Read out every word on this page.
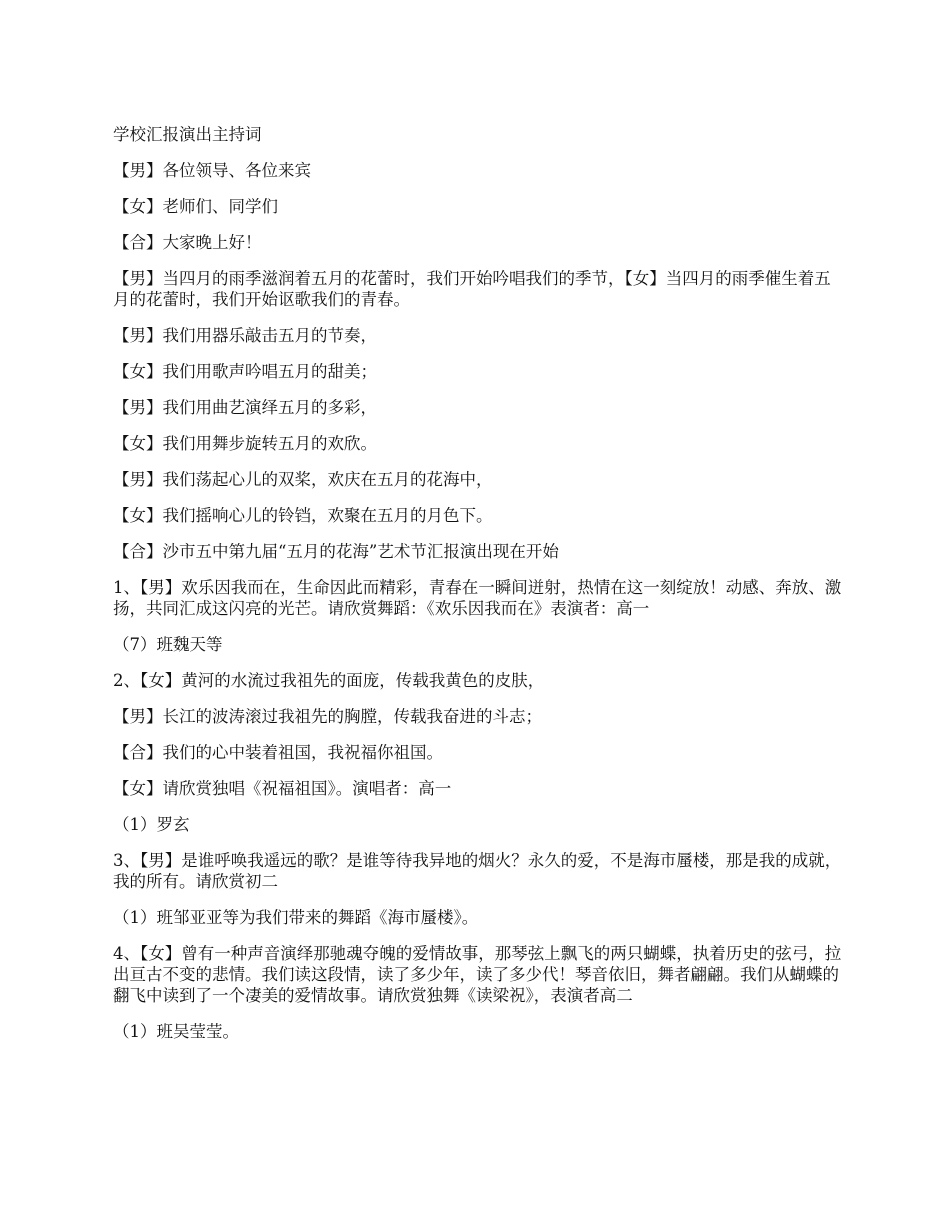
学校汇报演出主持词

【男】各位领导、各位来宾

【女】老师们、同学们

【合】大家晚上好！

【男】当四月的雨季滋润着五月的花蕾时，我们开始吟唱我们的季节，【女】当四月的雨季催生着五月的花蕾时，我们开始讴歌我们的青春。

【男】我们用器乐敲击五月的节奏，

【女】我们用歌声吟唱五月的甜美；

【男】我们用曲艺演绎五月的多彩，

【女】我们用舞步旋转五月的欢欣。

【男】我们荡起心儿的双桨，欢庆在五月的花海中，

【女】我们摇响心儿的铃铛，欢聚在五月的月色下。

【合】沙市五中第九届“五月的花海”艺术节汇报演出现在开始

1、【男】欢乐因我而在，生命因此而精彩，青春在一瞬间迸射，热情在这一刻绽放！动感、奔放、激扬，共同汇成这闪亮的光芒。请欣赏舞蹈：《欢乐因我而在》表演者：高一

（7）班魏天等

2、【女】黄河的水流过我祖先的面庞，传载我黄色的皮肤，

【男】长江的波涛滚过我祖先的胸膛，传载我奋进的斗志；

【合】我们的心中装着祖国，我祝福你祖国。

【女】请欣赏独唱《祝福祖国》。演唱者：高一

（1）罗玄

3、【男】是谁呼唤我遥远的歌？是谁等待我异地的烟火？永久的爱，不是海市蜃楼，那是我的成就，我的所有。请欣赏初二

（1）班邹亚亚等为我们带来的舞蹈《海市蜃楼》。

4、【女】曾有一种声音演绎那驰魂夺魄的爱情故事，那琴弦上飘飞的两只蝴蝶，执着历史的弦弓，拉出亘古不变的悲情。我们读这段情，读了多少年，读了多少代！琴音依旧，舞者翩翩。我们从蝴蝶的翻飞中读到了一个凄美的爱情故事。请欣赏独舞《读梁祝》，表演者高二

（1）班吴莹莹。
